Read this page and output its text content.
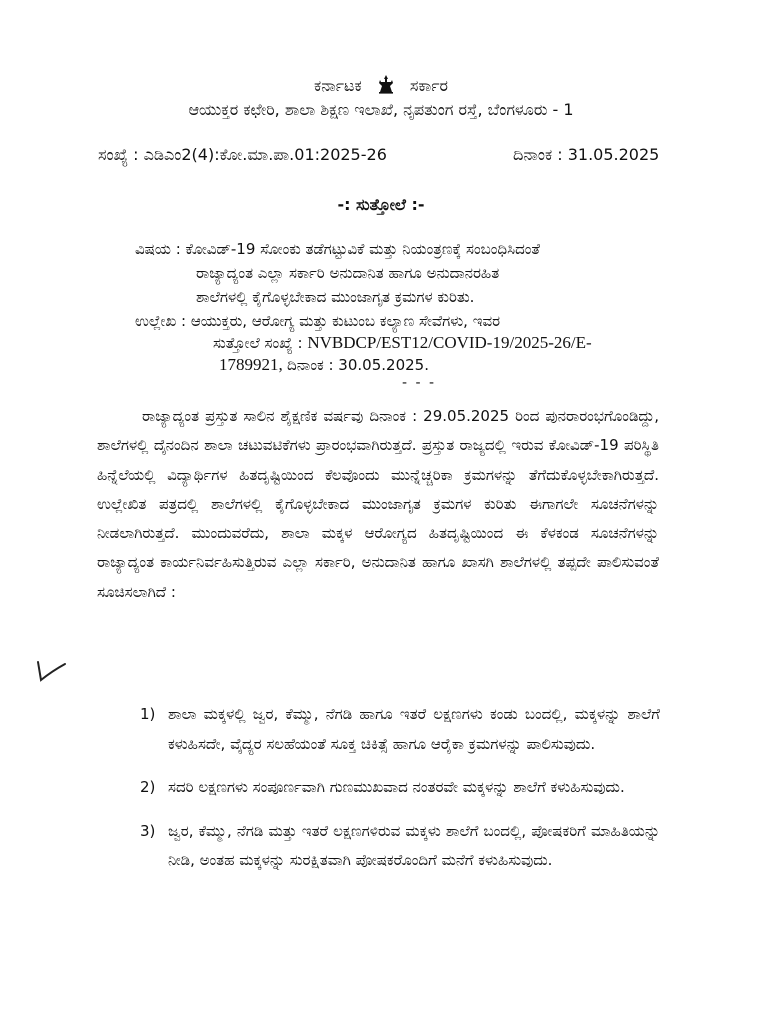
ಕರ್ನಾಟಕ	ಸರ್ಕಾರ
ಆಯುಕ್ತರ ಕಛೇರಿ, ಶಾಲಾ ಶಿಕ್ಷಣ ಇಲಾಖೆ, ನೃಪತುಂಗ ರಸ್ತೆ, ಬೆಂಗಳೂರು - 1
ಸಂಖ್ಯೆ : ಎಡಿಎಂ2(4):ಕೋ.ಮಾ.ಪಾ.01:2025-26	ದಿನಾಂಕ : 31.05.2025
-: ಸುತ್ತೋಲೆ :-
ವಿಷಯ : ಕೋವಿಡ್-19 ಸೋಂಕು ತಡೆಗಟ್ಟುವಿಕೆ ಮತ್ತು ನಿಯಂತ್ರಣಕ್ಕೆ ಸಂಬಂಧಿಸಿದಂತೆ
ರಾಜ್ಯಾದ್ಯಂತ ಎಲ್ಲಾ ಸರ್ಕಾರಿ ಅನುದಾನಿತ ಹಾಗೂ ಅನುದಾನರಹಿತ
ಶಾಲೆಗಳಲ್ಲಿ ಕೈಗೊಳ್ಳಬೇಕಾದ ಮುಂಜಾಗೃತ ಕ್ರಮಗಳ ಕುರಿತು.
ಉಲ್ಲೇಖ : ಆಯುಕ್ತರು, ಆರೋಗ್ಯ ಮತ್ತು ಕುಟುಂಬ ಕಲ್ಯಾಣ ಸೇವೆಗಳು, ಇವರ
ಸುತ್ತೋಲೆ ಸಂಖ್ಯೆ : NVBDCP/EST12/COVID-19/2025-26/E-
1789921, ದಿನಾಂಕ : 30.05.2025.
- - -

ರಾಜ್ಯಾದ್ಯಂತ ಪ್ರಸ್ತುತ ಸಾಲಿನ ಶೈಕ್ಷಣಿಕ ವರ್ಷವು ದಿನಾಂಕ : 29.05.2025 ರಿಂದ ಪುನರಾರಂಭಗೊಂಡಿದ್ದು, ಶಾಲೆಗಳಲ್ಲಿ ದೈನಂದಿನ ಶಾಲಾ ಚಟುವಟಿಕೆಗಳು ಪ್ರಾರಂಭವಾಗಿರುತ್ತದೆ. ಪ್ರಸ್ತುತ ರಾಜ್ಯದಲ್ಲಿ ಇರುವ ಕೋವಿಡ್-19 ಪರಿಸ್ಥಿತಿ ಹಿನ್ನೆಲೆಯಲ್ಲಿ ವಿದ್ಯಾರ್ಥಿಗಳ ಹಿತದೃಷ್ಟಿಯಿಂದ ಕೆಲವೊಂದು ಮುನ್ನೆಚ್ಚರಿಕಾ ಕ್ರಮಗಳನ್ನು ತೆಗೆದುಕೊಳ್ಳಬೇಕಾಗಿರುತ್ತದೆ. ಉಲ್ಲೇಖಿತ ಪತ್ರದಲ್ಲಿ ಶಾಲೆಗಳಲ್ಲಿ ಕೈಗೊಳ್ಳಬೇಕಾದ ಮುಂಜಾಗೃತ ಕ್ರಮಗಳ ಕುರಿತು ಈಗಾಗಲೇ ಸೂಚನೆಗಳನ್ನು ನೀಡಲಾಗಿರುತ್ತದೆ. ಮುಂದುವರೆದು, ಶಾಲಾ ಮಕ್ಕಳ ಆರೋಗ್ಯದ ಹಿತದೃಷ್ಟಿಯಿಂದ ಈ ಕೆಳಕಂಡ ಸೂಚನೆಗಳನ್ನು ರಾಜ್ಯಾದ್ಯಂತ ಕಾರ್ಯನಿರ್ವಹಿಸುತ್ತಿರುವ ಎಲ್ಲಾ ಸರ್ಕಾರಿ, ಅನುದಾನಿತ ಹಾಗೂ ಖಾಸಗಿ ಶಾಲೆಗಳಲ್ಲಿ ತಪ್ಪದೇ ಪಾಲಿಸುವಂತೆ ಸೂಚಿಸಲಾಗಿದೆ :

1) ಶಾಲಾ ಮಕ್ಕಳಲ್ಲಿ ಜ್ವರ, ಕೆಮ್ಮು, ನೆಗಡಿ ಹಾಗೂ ಇತರೆ ಲಕ್ಷಣಗಳು ಕಂಡು ಬಂದಲ್ಲಿ, ಮಕ್ಕಳನ್ನು ಶಾಲೆಗೆ ಕಳುಹಿಸದೇ, ವೈದ್ಯರ ಸಲಹೆಯಂತೆ ಸೂಕ್ತ ಚಿಕಿತ್ಸೆ ಹಾಗೂ ಆರೈಕಾ ಕ್ರಮಗಳನ್ನು ಪಾಲಿಸುವುದು.
2) ಸದರಿ ಲಕ್ಷಣಗಳು ಸಂಪೂರ್ಣವಾಗಿ ಗುಣಮುಖವಾದ ನಂತರವೇ ಮಕ್ಕಳನ್ನು ಶಾಲೆಗೆ ಕಳುಹಿಸುವುದು.
3) ಜ್ವರ, ಕೆಮ್ಮು, ನೆಗಡಿ ಮತ್ತು ಇತರೆ ಲಕ್ಷಣಗಳಿರುವ ಮಕ್ಕಳು ಶಾಲೆಗೆ ಬಂದಲ್ಲಿ, ಪೋಷಕರಿಗೆ ಮಾಹಿತಿಯನ್ನು ನೀಡಿ, ಅಂತಹ ಮಕ್ಕಳನ್ನು ಸುರಕ್ಷಿತವಾಗಿ ಪೋಷಕರೊಂದಿಗೆ ಮನೆಗೆ ಕಳುಹಿಸುವುದು.
